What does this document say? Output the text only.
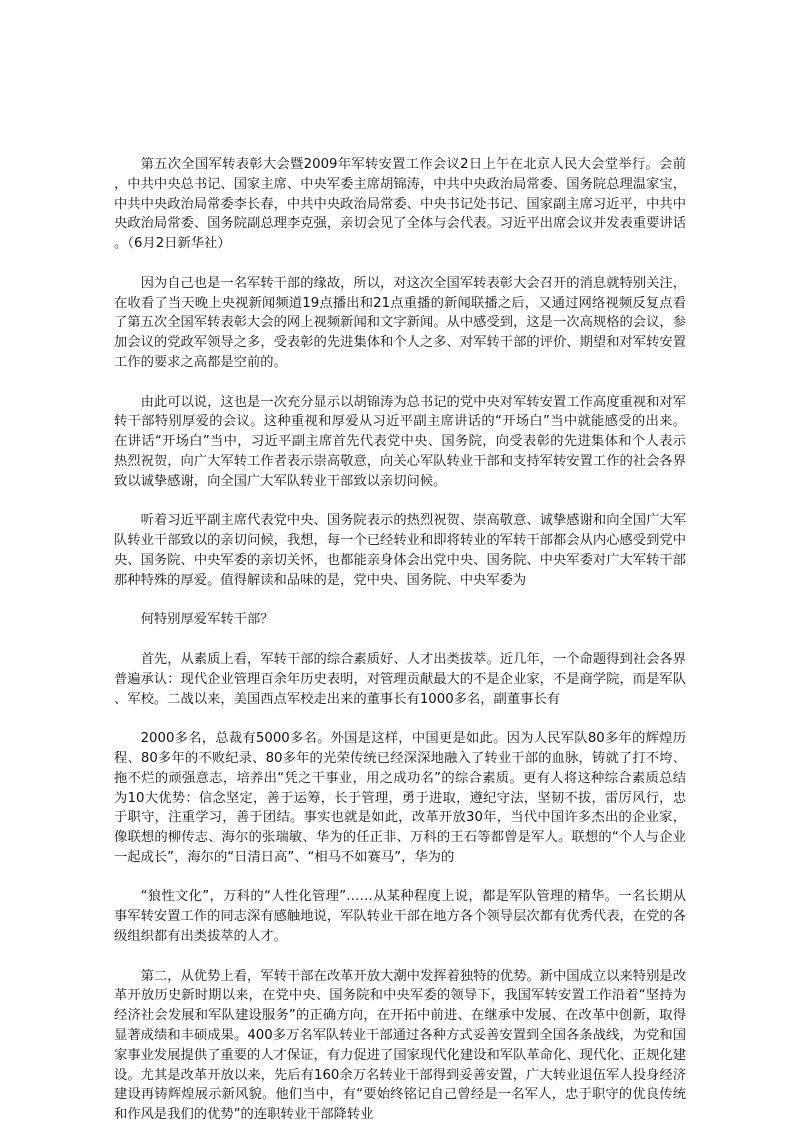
第五次全国军转表彰大会暨2009年军转安置工作会议2日上午在北京人民大会堂举行。会前，中共中央总书记、国家主席、中央军委主席胡锦涛，中共中央政治局常委、国务院总理温家宝，中共中央政治局常委李长春，中共中央政治局常委、中央书记处书记、国家副主席习近平，中共中央政治局常委、国务院副总理李克强，亲切会见了全体与会代表。习近平出席会议并发表重要讲话。（6月2日新华社）

因为自己也是一名军转干部的缘故，所以，对这次全国军转表彰大会召开的消息就特别关注，在收看了当天晚上央视新闻频道19点播出和21点重播的新闻联播之后，又通过网络视频反复点看了第五次全国军转表彰大会的网上视频新闻和文字新闻。从中感受到，这是一次高规格的会议，参加会议的党政军领导之多，受表彰的先进集体和个人之多、对军转干部的评价、期望和对军转安置工作的要求之高都是空前的。

由此可以说，这也是一次充分显示以胡锦涛为总书记的党中央对军转安置工作高度重视和对军转干部特别厚爱的会议。这种重视和厚爱从习近平副主席讲话的“开场白”当中就能感受的出来。在讲话“开场白”当中，习近平副主席首先代表党中央、国务院，向受表彰的先进集体和个人表示热烈祝贺，向广大军转工作者表示崇高敬意，向关心军队转业干部和支持军转安置工作的社会各界致以诚挚感谢，向全国广大军队转业干部致以亲切问候。

听着习近平副主席代表党中央、国务院表示的热烈祝贺、崇高敬意、诚挚感谢和向全国广大军队转业干部致以的亲切问候，我想，每一个已经转业和即将转业的军转干部都会从内心感受到党中央、国务院、中央军委的亲切关怀，也都能亲身体会出党中央、国务院、中央军委对广大军转干部那种特殊的厚爱。值得解读和品味的是，党中央、国务院、中央军委为

何特别厚爱军转干部？

首先，从素质上看，军转干部的综合素质好、人才出类拔萃。近几年，一个命题得到社会各界普遍承认：现代企业管理百余年历史表明，对管理贡献最大的不是企业家，不是商学院，而是军队、军校。二战以来，美国西点军校走出来的董事长有1000多名，副董事长有

2000多名，总裁有5000多名。外国是这样，中国更是如此。因为人民军队80多年的辉煌历程、80多年的不败纪录、80多年的光荣传统已经深深地融入了转业干部的血脉，铸就了打不垮、拖不烂的顽强意志，培养出“凭之干事业，用之成功名”的综合素质。更有人将这种综合素质总结为10大优势：信念坚定，善于运筹，长于管理，勇于进取，遵纪守法，坚韧不拔，雷厉风行，忠于职守，注重学习，善于团结。事实也就是如此，改革开放30年，当代中国许多杰出的企业家，像联想的柳传志、海尔的张瑞敏、华为的任正非、万科的王石等都曾是军人。联想的“个人与企业一起成长”，海尔的“日清日高”、“相马不如赛马”，华为的

“狼性文化”，万科的“人性化管理”……从某种程度上说，都是军队管理的精华。一名长期从事军转安置工作的同志深有感触地说，军队转业干部在地方各个领导层次都有优秀代表，在党的各级组织都有出类拔萃的人才。

第二，从优势上看，军转干部在改革开放大潮中发挥着独特的优势。新中国成立以来特别是改革开放历史新时期以来，在党中央、国务院和中央军委的领导下，我国军转安置工作沿着“坚持为经济社会发展和军队建设服务”的正确方向，在开拓中前进、在继承中发展、在改革中创新，取得显著成绩和丰硕成果。400多万名军队转业干部通过各种方式妥善安置到全国各条战线，为党和国家事业发展提供了重要的人才保证，有力促进了国家现代化建设和军队革命化、现代化、正规化建设。尤其是改革开放以来，先后有160余万名转业干部得到妥善安置，广大转业退伍军人投身经济建设再铸辉煌展示新风貌。他们当中，有“要始终铭记自己曾经是一名军人，忠于职守的优良传统和作风是我们的优势”的连职转业干部降转业
